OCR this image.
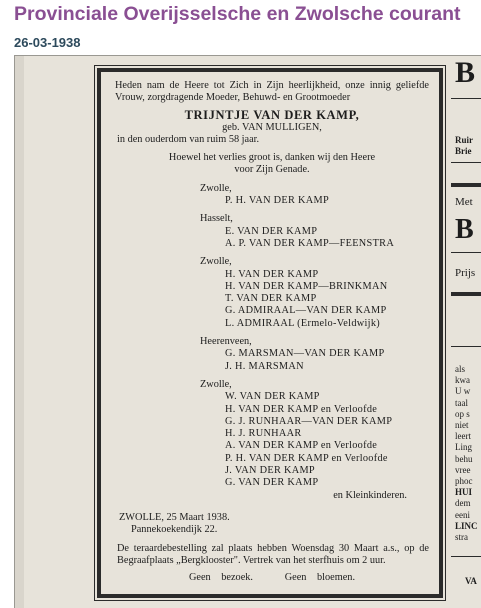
Provinciale Overijsselsche en Zwolsche courant
26-03-1938

Heden nam de Heere tot Zich in Zijn heerlijkheid, onze innig geliefde Vrouw, zorgdragende Moeder, Behuwd- en Grootmoeder

TRIJNTJE VAN DER KAMP,

geb. VAN MULLIGEN,

in den ouderdom van ruim 58 jaar.

Hoewel het verlies groot is, danken wij den Heere

voor Zijn Genade.

Zwolle,

P. H. VAN DER KAMP

Hasselt,

E. VAN DER KAMP

A. P. VAN DER KAMP—FEENSTRA

Zwolle,

H. VAN DER KAMP

H. VAN DER KAMP—BRINKMAN

T. VAN DER KAMP

G. ADMIRAAL—VAN DER KAMP

L. ADMIRAAL (Ermelo-Veldwijk)

Heerenveen,

G. MARSMAN—VAN DER KAMP

J. H. MARSMAN

Zwolle,

W. VAN DER KAMP

H. VAN DER KAMP en Verloofde

G. J. RUNHAAR—VAN DER KAMP

H. J. RUNHAAR

A. VAN DER KAMP en Verloofde

P. H. VAN DER KAMP en Verloofde

J. VAN DER KAMP

G. VAN DER KAMP

en Kleinkinderen.

ZWOLLE, 25 Maart 1938.

Pannekoekendijk 22.

De teraardebestelling zal plaats hebben Woensdag 30 Maart a.s., op de Begraafplaats „Bergklooster". Vertrek van het sterfhuis om 2 uur.

Geen bezoek.   Geen bloemen.

B
Ruir
Brie
Met
B
Prijs
als
kwa
U w
taal
op s
niet
leert
Ling
behu
vree
phoc
HUI
dem
eeni
LINC
stra
VA
